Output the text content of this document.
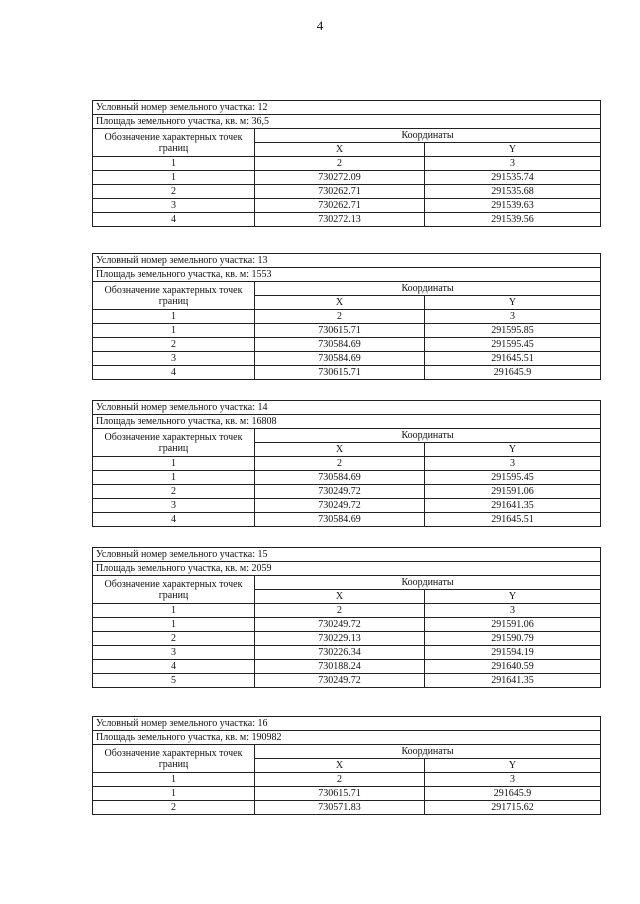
4
Условный номер земельного участка: 12		
Площадь земельного участка, кв. м: 36,5		
Обозначение характерных точек границ	Координаты	
	X	Y
1	2	3
1	730272.09	291535.74
2	730262.71	291535.68
3	730262.71	291539.63
4	730272.13	291539.56
Условный номер земельного участка: 13		
Площадь земельного участка, кв. м: 1553		
Обозначение характерных точек границ	Координаты	
	X	Y
1	2	3
1	730615.71	291595.85
2	730584.69	291595.45
3	730584.69	291645.51
4	730615.71	291645.9
Условный номер земельного участка: 14		
Площадь земельного участка, кв. м: 16808		
Обозначение характерных точек границ	Координаты	
	X	Y
1	2	3
1	730584.69	291595.45
2	730249.72	291591.06
3	730249.72	291641.35
4	730584.69	291645.51
Условный номер земельного участка: 15		
Площадь земельного участка, кв. м: 2059		
Обозначение характерных точек границ	Координаты	
	X	Y
1	2	3
1	730249.72	291591.06
2	730229.13	291590.79
3	730226.34	291594.19
4	730188.24	291640.59
5	730249.72	291641.35
Условный номер земельного участка: 16		
Площадь земельного участка, кв. м: 190982		
Обозначение характерных точек границ	Координаты	
	X	Y
1	2	3
1	730615.71	291645.9
2	730571.83	291715.62
